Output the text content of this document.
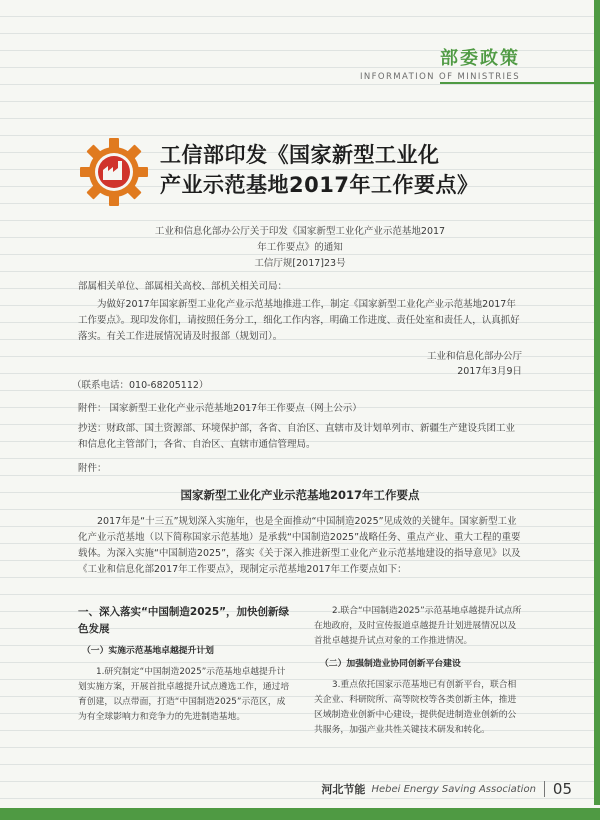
部委政策
INFORMATION OF MINISTRIES
工信部印发《国家新型工业化
产业示范基地2017年工作要点》
工业和信息化部办公厅关于印发《国家新型工业化产业示范基地2017
年工作要点》的通知
工信厅规[2017]23号
部属相关单位、部属相关高校、部机关相关司局：
为做好2017年国家新型工业化产业示范基地推进工作，制定《国家新型工业化产业示范基地2017年工作要点》。现印发你们，请按照任务分工，细化工作内容，明确工作进度、责任处室和责任人，认真抓好落实。有关工作进展情况请及时报部（规划司）。
工业和信息化部办公厅
2017年3月9日
（联系电话：010-68205112）
附件： 国家新型工业化产业示范基地2017年工作要点（网上公示）
抄送：财政部、国土资源部、环境保护部，各省、自治区、直辖市及计划单列市、新疆生产建设兵团工业和信息化主管部门，各省、自治区、直辖市通信管理局。
附件：
国家新型工业化产业示范基地2017年工作要点
2017年是“十三五”规划深入实施年，也是全面推动“中国制造2025”见成效的关键年。国家新型工业化产业示范基地（以下简称国家示范基地）是承载“中国制造2025”战略任务、重点产业、重大工程的重要载体。为深入实施“中国制造2025”，落实《关于深入推进新型工业化产业示范基地建设的指导意见》以及《工业和信息化部2017年工作要点》，现制定示范基地2017年工作要点如下：
一、深入落实“中国制造2025”，加快创新绿色发展
（一）实施示范基地卓越提升计划
1.研究制定“中国制造2025”示范基地卓越提升计划实施方案，开展首批卓越提升试点遴选工作，通过培育创建，以点带面，打造“中国制造2025”示范区，成为有全球影响力和竞争力的先进制造基地。
2.联合“中国制造2025”示范基地卓越提升试点所在地政府，及时宣传报道卓越提升计划进展情况以及首批卓越提升试点对象的工作推进情况。
（二）加强制造业协同创新平台建设
3.重点依托国家示范基地已有创新平台，联合相关企业、科研院所、高等院校等各类创新主体，推进区域制造业创新中心建设，提供促进制造业创新的公共服务，加强产业共性关键技术研发和转化。
河北节能 Hebei Energy Saving Association 05
